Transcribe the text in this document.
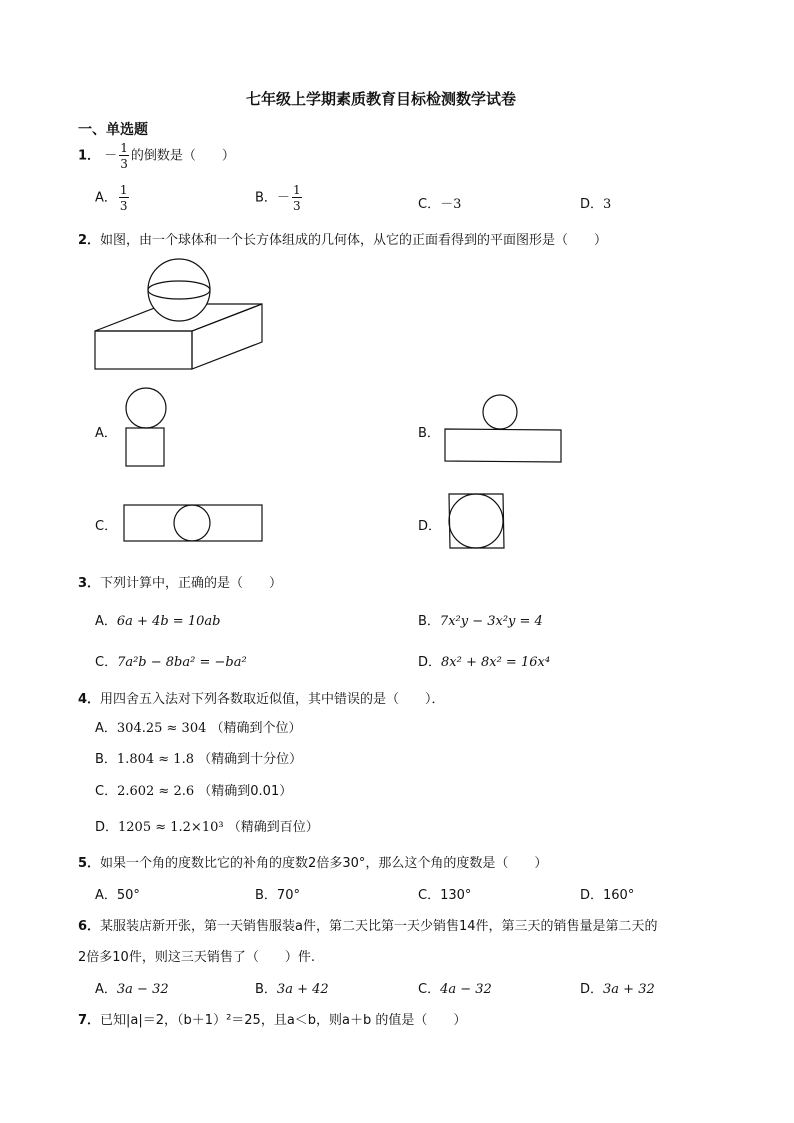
七年级上学期素质教育目标检测数学试卷
一、单选题
1． － $\frac{1}{3}$ 的倒数是（　　）
A． $\frac{1}{3}$	B．－ $\frac{1}{3}$	C．－3	D．3
2．如图，由一个球体和一个长方体组成的几何体，从它的正面看得到的平面图形是（　　）
A．	B．
C．	D．
3．下列计算中，正确的是（　　）
A．6a + 4b = 10ab	B．7x²y − 3x²y = 4
C．7a²b − 8ba² = −ba²	D．8x² + 8x² = 16x⁴
4．用四舍五入法对下列各数取近似值，其中错误的是（　　）．
A．304.25 ≈ 304 （精确到个位）
B．1.804 ≈ 1.8 （精确到十分位）
C．2.602 ≈ 2.6 （精确到0.01）
D．1205 ≈ 1.2×10³ （精确到百位）
5．如果一个角的度数比它的补角的度数2倍多30°，那么这个角的度数是（　　）
A．50°	B．70°	C．130°	D．160°
6．某服装店新开张，第一天销售服装a件，第二天比第一天少销售14件，第三天的销售量是第二天的
2倍多10件，则这三天销售了（　　）件.
A．3a − 32	B．3a + 42	C．4a − 32	D．3a + 32
7．已知|a|＝2，（b＋1）²＝25，且a＜b，则a＋b 的值是（　　）
